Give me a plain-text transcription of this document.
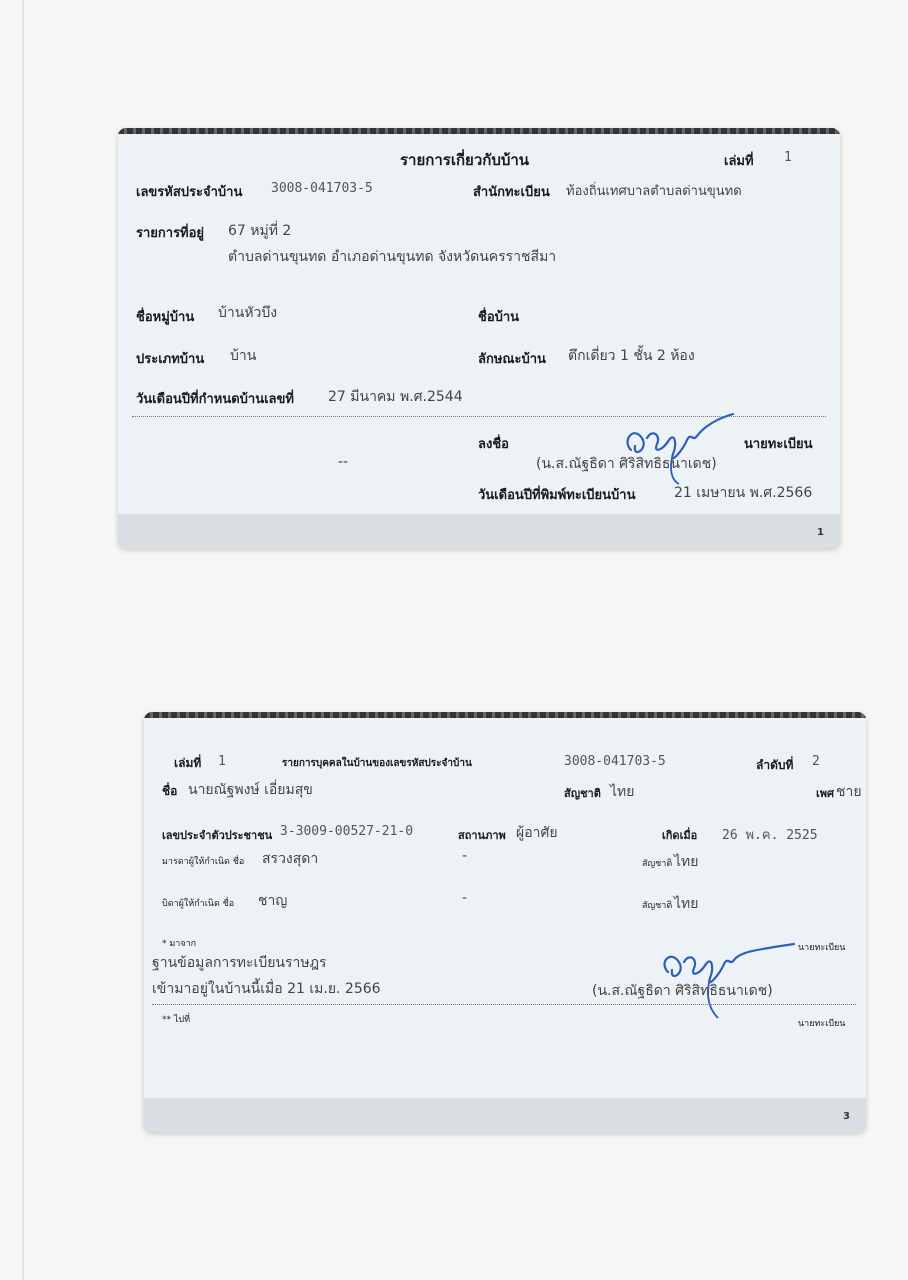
รายการเกี่ยวกับบ้าน	เล่มที่ 1
เลขรหัสประจำบ้าน 3008-041703-5	สำนักทะเบียน ท้องถิ่นเทศบาลตำบลด่านขุนทด
รายการที่อยู่ 67 หมู่ที่ 2
ตำบลด่านขุนทด อำเภอด่านขุนทด จังหวัดนครราชสีมา
ชื่อหมู่บ้าน บ้านหัวบึง	ชื่อบ้าน
ประเภทบ้าน บ้าน	ลักษณะบ้าน ตึกเดี่ยว 1 ชั้น 2 ห้อง
วันเดือนปีที่กำหนดบ้านเลขที่ 27 มีนาคม พ.ศ.2544
ลงชื่อ	นายทะเบียน
--	(น.ส.ณัฐธิดา ศิริสิทธิธนาเดช)
วันเดือนปีที่พิมพ์ทะเบียนบ้าน	21 เมษายน พ.ศ.2566
1
เล่มที่ 1	รายการบุคคลในบ้านของเลขรหัสประจำบ้าน	3008-041703-5	ลำดับที่ 2
ชื่อ นายณัฐพงษ์ เอี่ยมสุข	สัญชาติ ไทย	เพศ ชาย
เลขประจำตัวประชาชน 3-3009-00527-21-0	สถานภาพ ผู้อาศัย	เกิดเมื่อ 26 พ.ค. 2525
มารดาผู้ให้กำเนิด ชื่อ สรวงสุดา	-	สัญชาติ ไทย
บิดาผู้ให้กำเนิด ชื่อ ชาญ	-	สัญชาติ ไทย
* มาจาก	นายทะเบียน
ฐานข้อมูลการทะเบียนราษฎร
เข้ามาอยู่ในบ้านนี้เมื่อ 21 เม.ย. 2566	(น.ส.ณัฐธิดา ศิริสิทธิธนาเดช)
** ไปที่	นายทะเบียน
3
